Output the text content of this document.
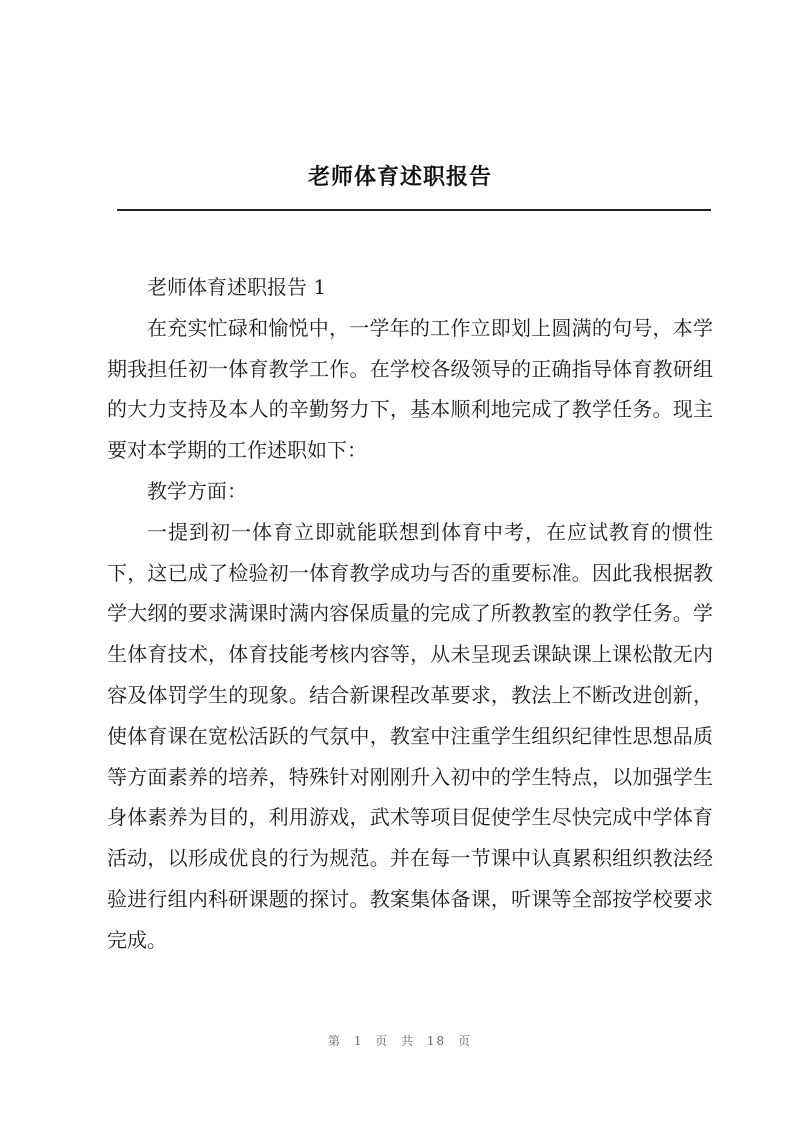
老师体育述职报告

老师体育述职报告 1

在充实忙碌和愉悦中，一学年的工作立即划上圆满的句号，本学期我担任初一体育教学工作。在学校各级领导的正确指导体育教研组的大力支持及本人的辛勤努力下，基本顺利地完成了教学任务。现主要对本学期的工作述职如下：

教学方面：

一提到初一体育立即就能联想到体育中考，在应试教育的惯性下，这已成了检验初一体育教学成功与否的重要标准。因此我根据教学大纲的要求满课时满内容保质量的完成了所教教室的教学任务。学生体育技术，体育技能考核内容等，从未呈现丢课缺课上课松散无内容及体罚学生的现象。结合新课程改革要求，教法上不断改进创新，使体育课在宽松活跃的气氛中，教室中注重学生组织纪律性思想品质等方面素养的培养，特殊针对刚刚升入初中的学生特点，以加强学生身体素养为目的，利用游戏，武术等项目促使学生尽快完成中学体育活动，以形成优良的行为规范。并在每一节课中认真累积组织教法经验进行组内科研课题的探讨。教案集体备课，听课等全部按学校要求完成。

第 1 页 共 18 页
